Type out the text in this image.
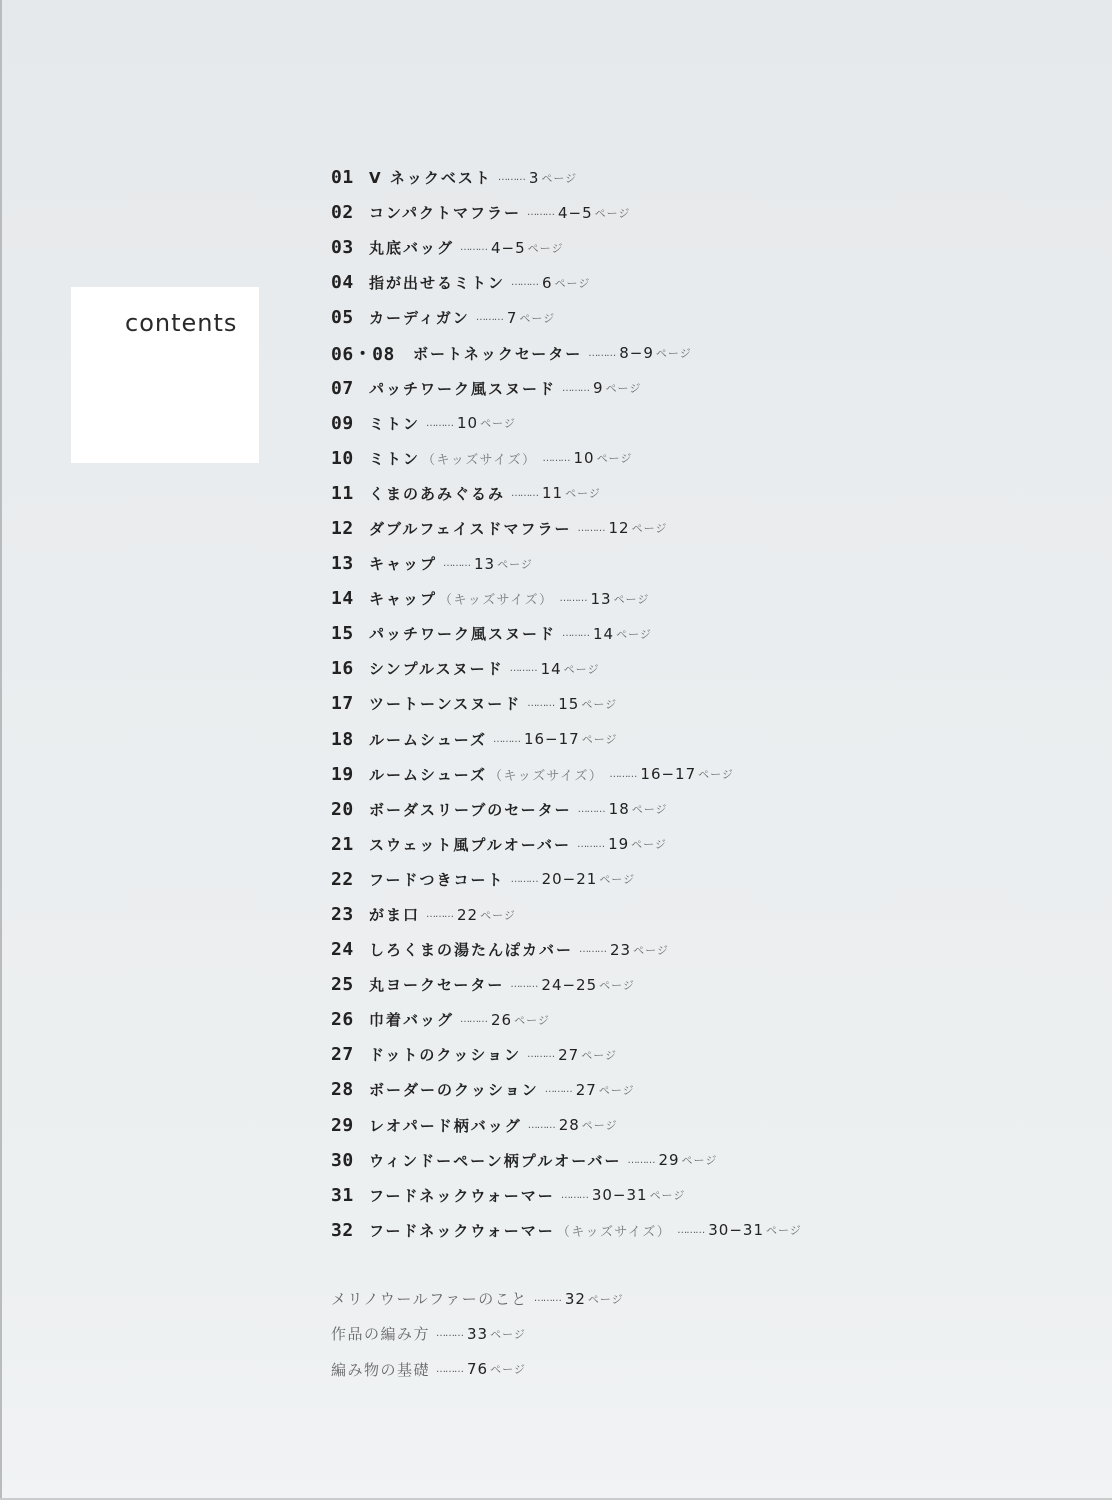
contents
01	V ネックベスト ……… 3 ページ
02	コンパクトマフラー ……… 4−5 ページ
03	丸底バッグ ……… 4−5 ページ
04	指が出せるミトン ……… 6 ページ
05	カーディガン ……… 7 ページ
06・08	ボートネックセーター ……… 8−9 ページ
07	パッチワーク風スヌード ……… 9 ページ
09	ミトン ……… 10 ページ
10	ミトン （キッズサイズ） ……… 10 ページ
11	くまのあみぐるみ ……… 11 ページ
12	ダブルフェイスドマフラー ……… 12 ページ
13	キャップ ……… 13 ページ
14	キャップ （キッズサイズ） ……… 13 ページ
15	パッチワーク風スヌード ……… 14 ページ
16	シンプルスヌード ……… 14 ページ
17	ツートーンスヌード ……… 15 ページ
18	ルームシューズ ……… 16−17 ページ
19	ルームシューズ （キッズサイズ） ……… 16−17 ページ
20	ボーダスリーブのセーター ……… 18 ページ
21	スウェット風プルオーバー ……… 19 ページ
22	フードつきコート ……… 20−21 ページ
23	がま口 ……… 22 ページ
24	しろくまの湯たんぽカバー ……… 23 ページ
25	丸ヨークセーター ……… 24−25 ページ
26	巾着バッグ ……… 26 ページ
27	ドットのクッション ……… 27 ページ
28	ボーダーのクッション ……… 27 ページ
29	レオパード柄バッグ ……… 28 ページ
30	ウィンドーペーン柄プルオーバー ……… 29 ページ
31	フードネックウォーマー ……… 30−31 ページ
32	フードネックウォーマー （キッズサイズ） ……… 30−31 ページ
メリノウールファーのこと ……… 32 ページ
作品の編み方 ……… 33 ページ
編み物の基礎 ……… 76 ページ
